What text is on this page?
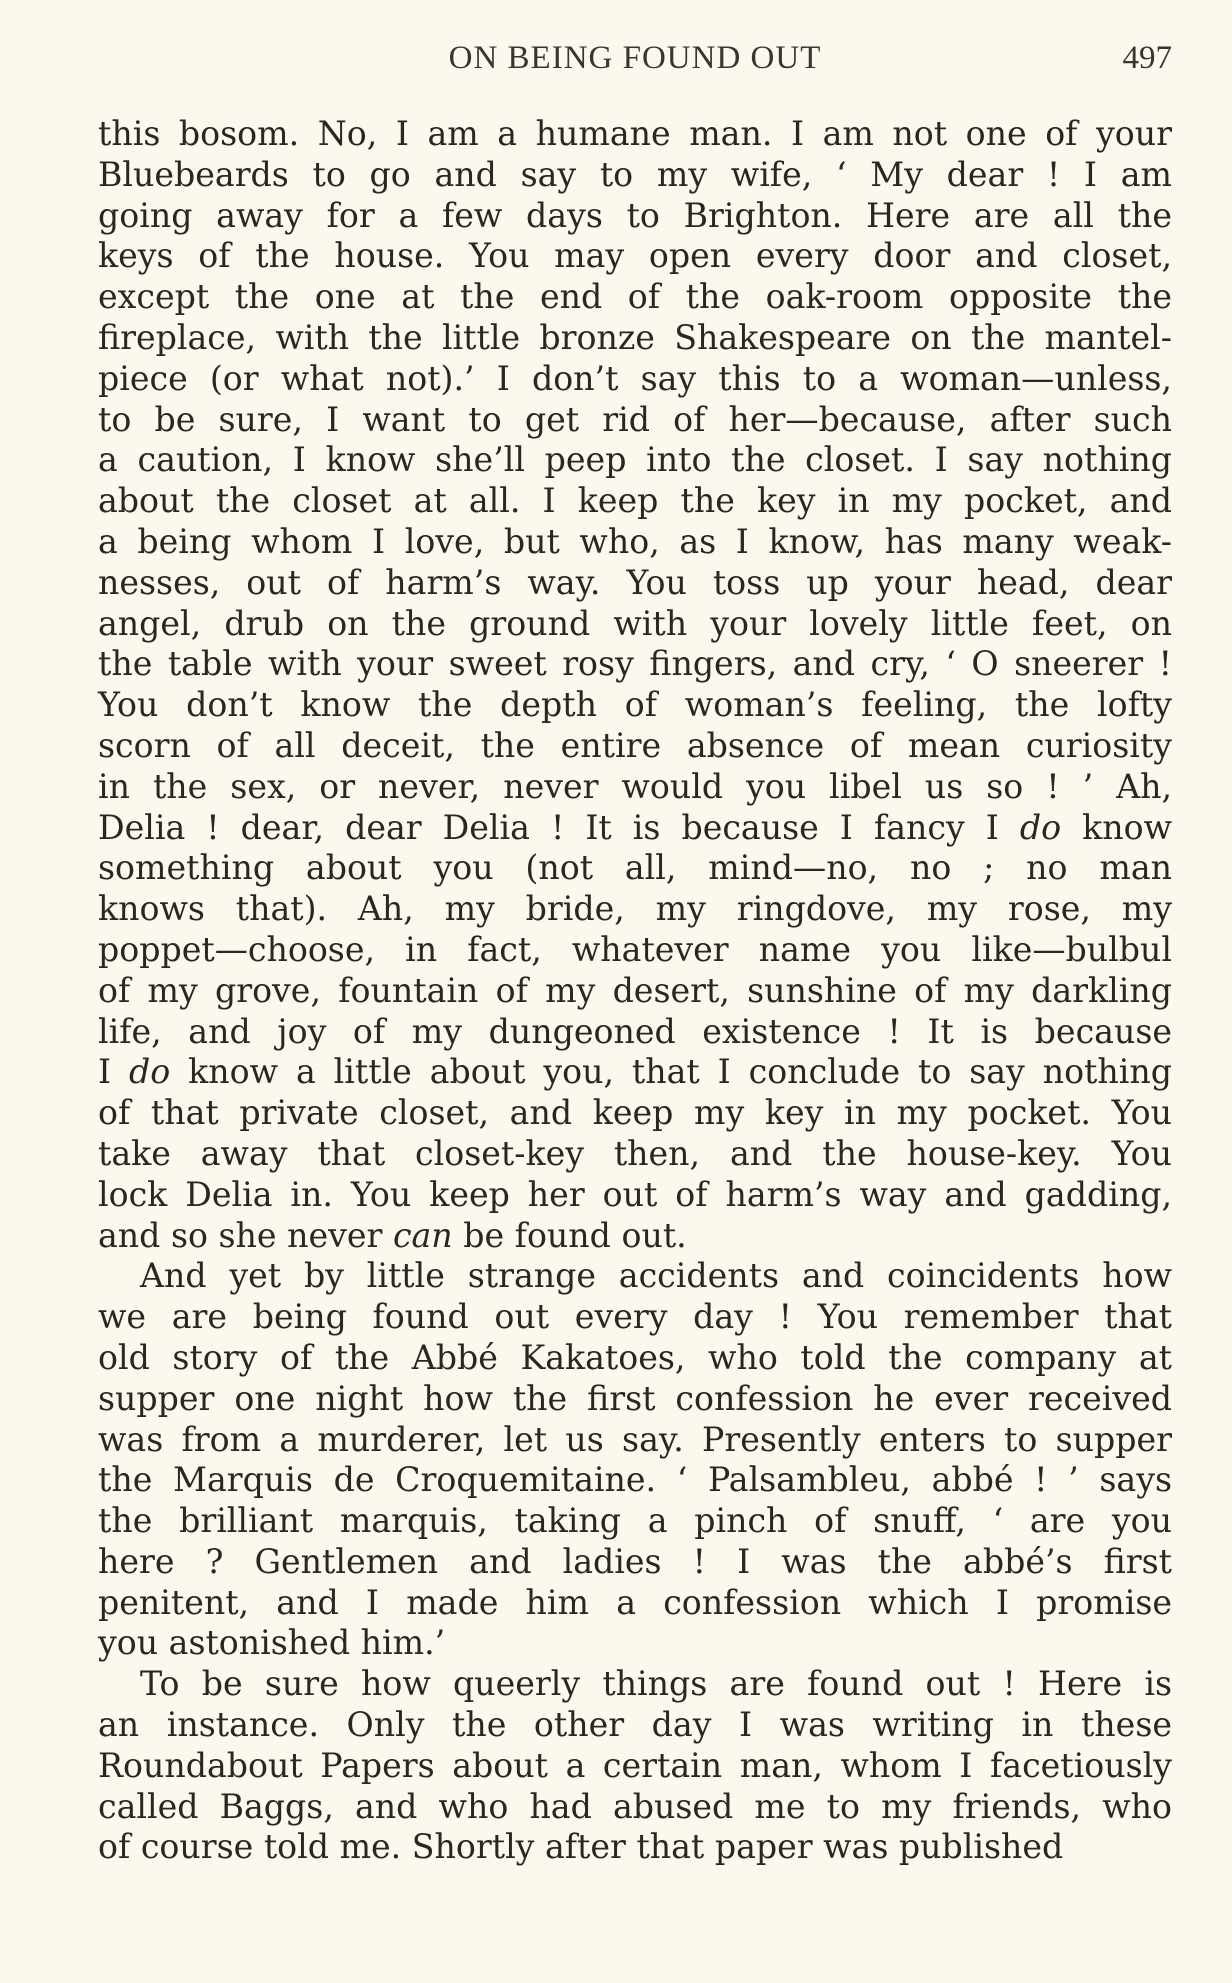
ON BEING FOUND OUT	497
this bosom. No, I am a humane man. I am not one of your
Bluebeards to go and say to my wife, ‘ My dear ! I am
going away for a few days to Brighton. Here are all the
keys of the house. You may open every door and closet,
except the one at the end of the oak-room opposite the
fireplace, with the little bronze Shakespeare on the mantel-
piece (or what not).’ I don’t say this to a woman—unless,
to be sure, I want to get rid of her—because, after such
a caution, I know she’ll peep into the closet. I say nothing
about the closet at all. I keep the key in my pocket, and
a being whom I love, but who, as I know, has many weak-
nesses, out of harm’s way. You toss up your head, dear
angel, drub on the ground with your lovely little feet, on
the table with your sweet rosy fingers, and cry, ‘ O sneerer !
You don’t know the depth of woman’s feeling, the lofty
scorn of all deceit, the entire absence of mean curiosity
in the sex, or never, never would you libel us so ! ’ Ah,
Delia ! dear, dear Delia ! It is because I fancy I do know
something about you (not all, mind—no, no ; no man
knows that). Ah, my bride, my ringdove, my rose, my
poppet—choose, in fact, whatever name you like—bulbul
of my grove, fountain of my desert, sunshine of my darkling
life, and joy of my dungeoned existence ! It is because
I do know a little about you, that I conclude to say nothing
of that private closet, and keep my key in my pocket. You
take away that closet-key then, and the house-key. You
lock Delia in. You keep her out of harm’s way and gadding,
and so she never can be found out.
And yet by little strange accidents and coincidents how
we are being found out every day ! You remember that
old story of the Abbé Kakatoes, who told the company at
supper one night how the first confession he ever received
was from a murderer, let us say. Presently enters to supper
the Marquis de Croquemitaine. ‘ Palsambleu, abbé ! ’ says
the brilliant marquis, taking a pinch of snuff, ‘ are you
here ? Gentlemen and ladies ! I was the abbé’s first
penitent, and I made him a confession which I promise
you astonished him.’
To be sure how queerly things are found out ! Here is
an instance. Only the other day I was writing in these
Roundabout Papers about a certain man, whom I facetiously
called Baggs, and who had abused me to my friends, who
of course told me. Shortly after that paper was published
